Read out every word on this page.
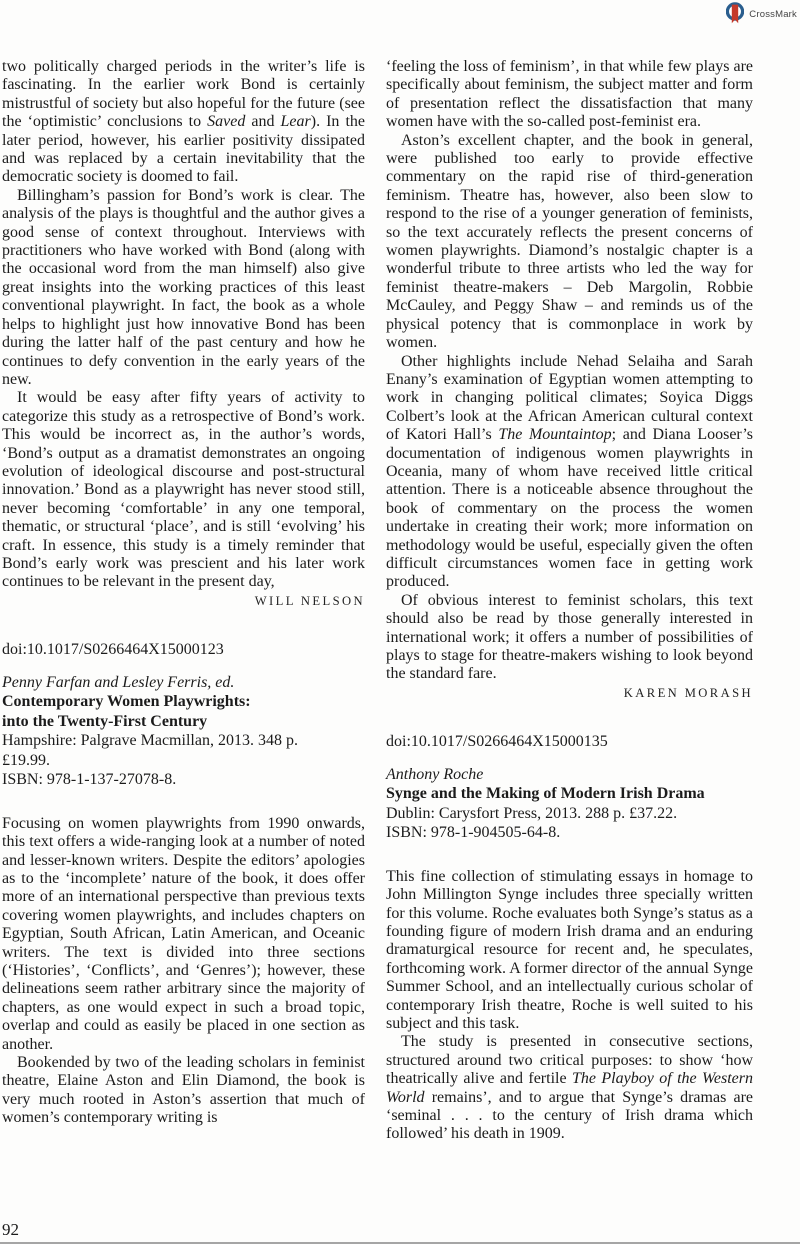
CrossMark

two politically charged periods in the writer’s life is fascinating. In the earlier work Bond is certainly mistrustful of society but also hopeful for the future (see the ‘optimistic’ conclusions to Saved and Lear). In the later period, however, his earlier positivity dissipated and was replaced by a certain inevitability that the democratic society is doomed to fail.

Billingham’s passion for Bond’s work is clear. The analysis of the plays is thoughtful and the author gives a good sense of context throughout. Interviews with practitioners who have worked with Bond (along with the occasional word from the man himself) also give great insights into the working practices of this least conventional playwright. In fact, the book as a whole helps to highlight just how innovative Bond has been during the latter half of the past century and how he continues to defy convention in the early years of the new.

It would be easy after fifty years of activity to categorize this study as a retrospective of Bond’s work. This would be incorrect as, in the author’s words, ‘Bond’s output as a dramatist demonstrates an ongoing evolution of ideological discourse and post-structural innovation.’ Bond as a playwright has never stood still, never becoming ‘comfortable’ in any one temporal, thematic, or structural ‘place’, and is still ‘evolving’ his craft. In essence, this study is a timely reminder that Bond’s early work was prescient and his later work continues to be relevant in the present day,

WILL NELSON
doi:10.1017/S0266464X15000123
Penny Farfan and Lesley Ferris, ed.
Contemporary Women Playwrights:
into the Twenty-First Century
Hampshire: Palgrave Macmillan, 2013. 348 p.
£19.99.
ISBN: 978-1-137-27078-8.

Focusing on women playwrights from 1990 onwards, this text offers a wide-ranging look at a number of noted and lesser-known writers. Despite the editors’ apologies as to the ‘incomplete’ nature of the book, it does offer more of an international perspective than previous texts covering women playwrights, and includes chapters on Egyptian, South African, Latin American, and Oceanic writers. The text is divided into three sections (‘Histories’, ‘Conflicts’, and ‘Genres’); however, these delineations seem rather arbitrary since the majority of chapters, as one would expect in such a broad topic, overlap and could as easily be placed in one section as another.

Bookended by two of the leading scholars in feminist theatre, Elaine Aston and Elin Diamond, the book is very much rooted in Aston’s assertion that much of women’s contemporary writing is

‘feeling the loss of feminism’, in that while few plays are specifically about feminism, the subject matter and form of presentation reflect the dissatisfaction that many women have with the so-called post-feminist era.

Aston’s excellent chapter, and the book in general, were published too early to provide effective commentary on the rapid rise of third-generation feminism. Theatre has, however, also been slow to respond to the rise of a younger generation of feminists, so the text accurately reflects the present concerns of women playwrights. Diamond’s nostalgic chapter is a wonderful tribute to three artists who led the way for feminist theatre-makers – Deb Margolin, Robbie McCauley, and Peggy Shaw – and reminds us of the physical potency that is commonplace in work by women.

Other highlights include Nehad Selaiha and Sarah Enany’s examination of Egyptian women attempting to work in changing political climates; Soyica Diggs Colbert’s look at the African American cultural context of Katori Hall’s The Mountaintop; and Diana Looser’s documentation of indigenous women playwrights in Oceania, many of whom have received little critical attention. There is a noticeable absence throughout the book of commentary on the process the women undertake in creating their work; more information on methodology would be useful, especially given the often difficult circumstances women face in getting work produced.

Of obvious interest to feminist scholars, this text should also be read by those generally interested in international work; it offers a number of possibilities of plays to stage for theatre-makers wishing to look beyond the standard fare.

KAREN MORASH
doi:10.1017/S0266464X15000135
Anthony Roche
Synge and the Making of Modern Irish Drama
Dublin: Carysfort Press, 2013. 288 p. £37.22.
ISBN: 978-1-904505-64-8.

This fine collection of stimulating essays in homage to John Millington Synge includes three specially written for this volume. Roche evaluates both Synge’s status as a founding figure of modern Irish drama and an enduring dramaturgical resource for recent and, he speculates, forthcoming work. A former director of the annual Synge Summer School, and an intellectually curious scholar of contemporary Irish theatre, Roche is well suited to his subject and this task.

The study is presented in consecutive sections, structured around two critical purposes: to show ‘how theatrically alive and fertile The Playboy of the Western World remains’, and to argue that Synge’s dramas are ‘seminal . . . to the century of Irish drama which followed’ his death in 1909.

92
